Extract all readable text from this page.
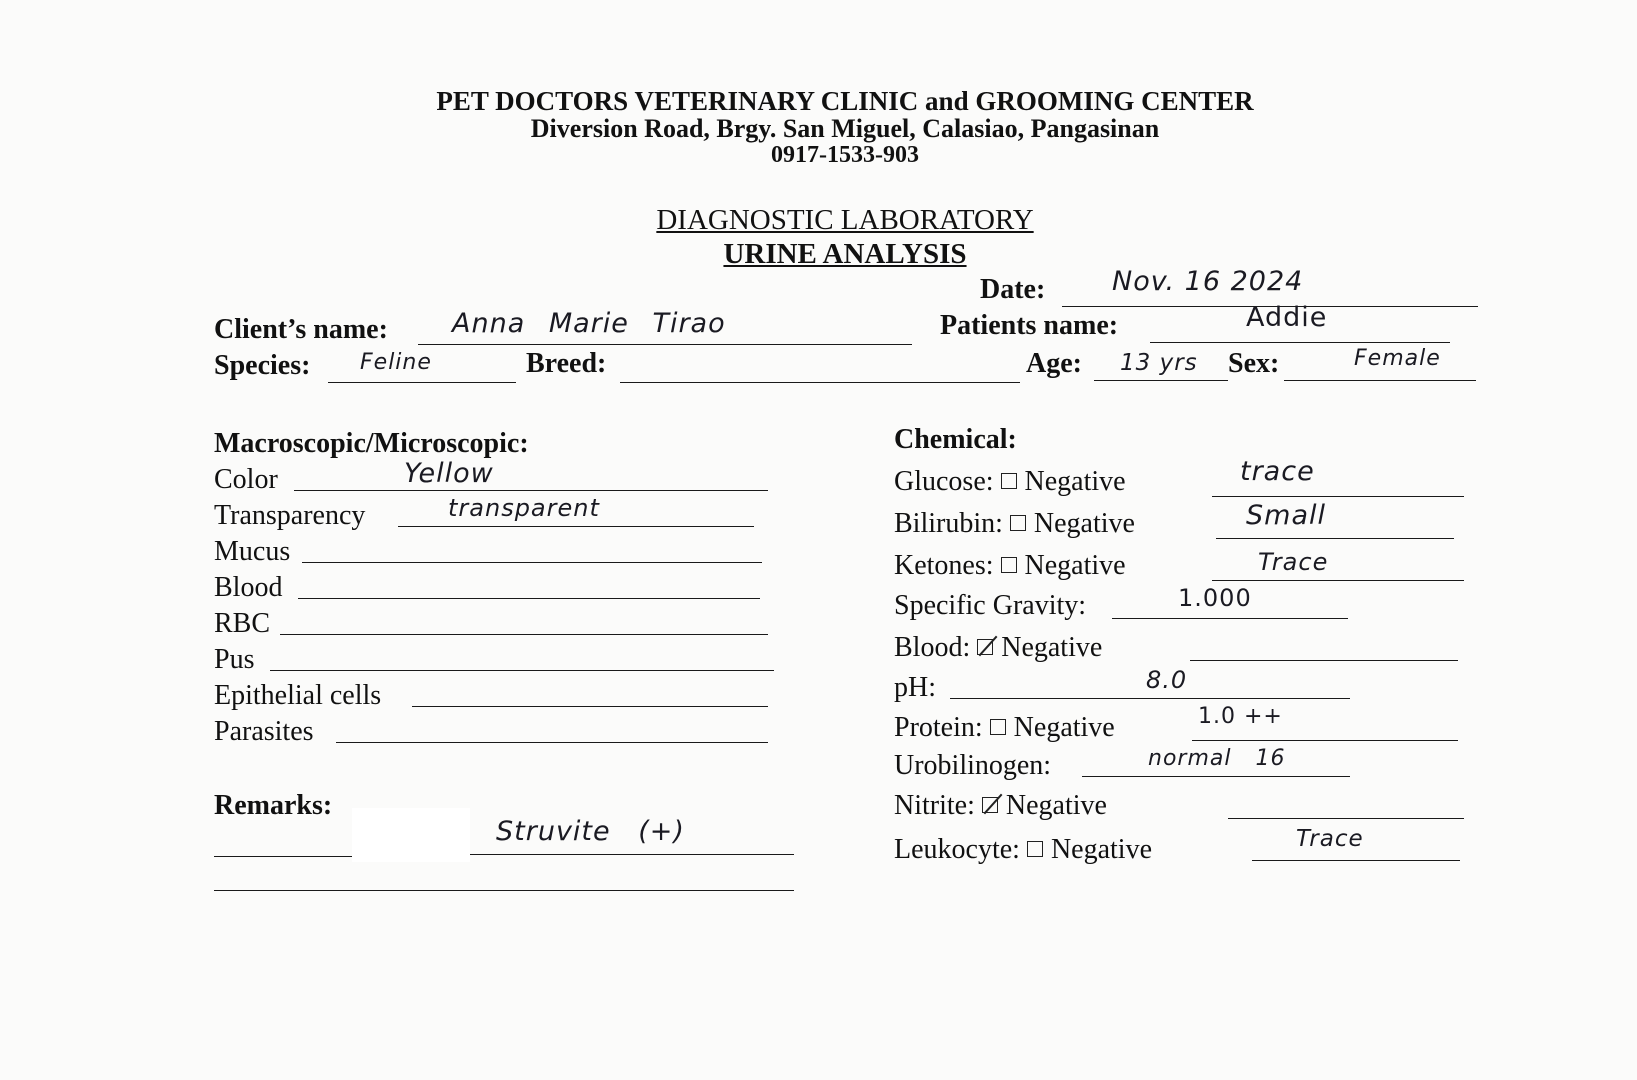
PET DOCTORS VETERINARY CLINIC and GROOMING CENTER
Diversion Road, Brgy. San Miguel, Calasiao, Pangasinan
0917-1533-903
DIAGNOSTIC LABORATORY
URINE ANALYSIS
Date: Nov. 16 2024
Client’s name: Anna Marie Tirao	Patients name:	Addie
Species: Feline	Breed:	Age: 13 yrs Sex:	Female
Macroscopic/Microscopic:
Color	Yellow
Transparency	transparent
Mucus
Blood
RBC
Pus
Epithelial cells
Parasites
Remarks:
Struvite (+)
Chemical:
Glucose: Negative	trace
Bilirubin: Negative	Small
Ketones: Negative	Trace
Specific Gravity:	1.000
Blood: Negative
pH:	8.0
Protein: Negative	1.0 ++
Urobilinogen:	normal 16
Nitrite: Negative
Leukocyte: Negative	Trace
